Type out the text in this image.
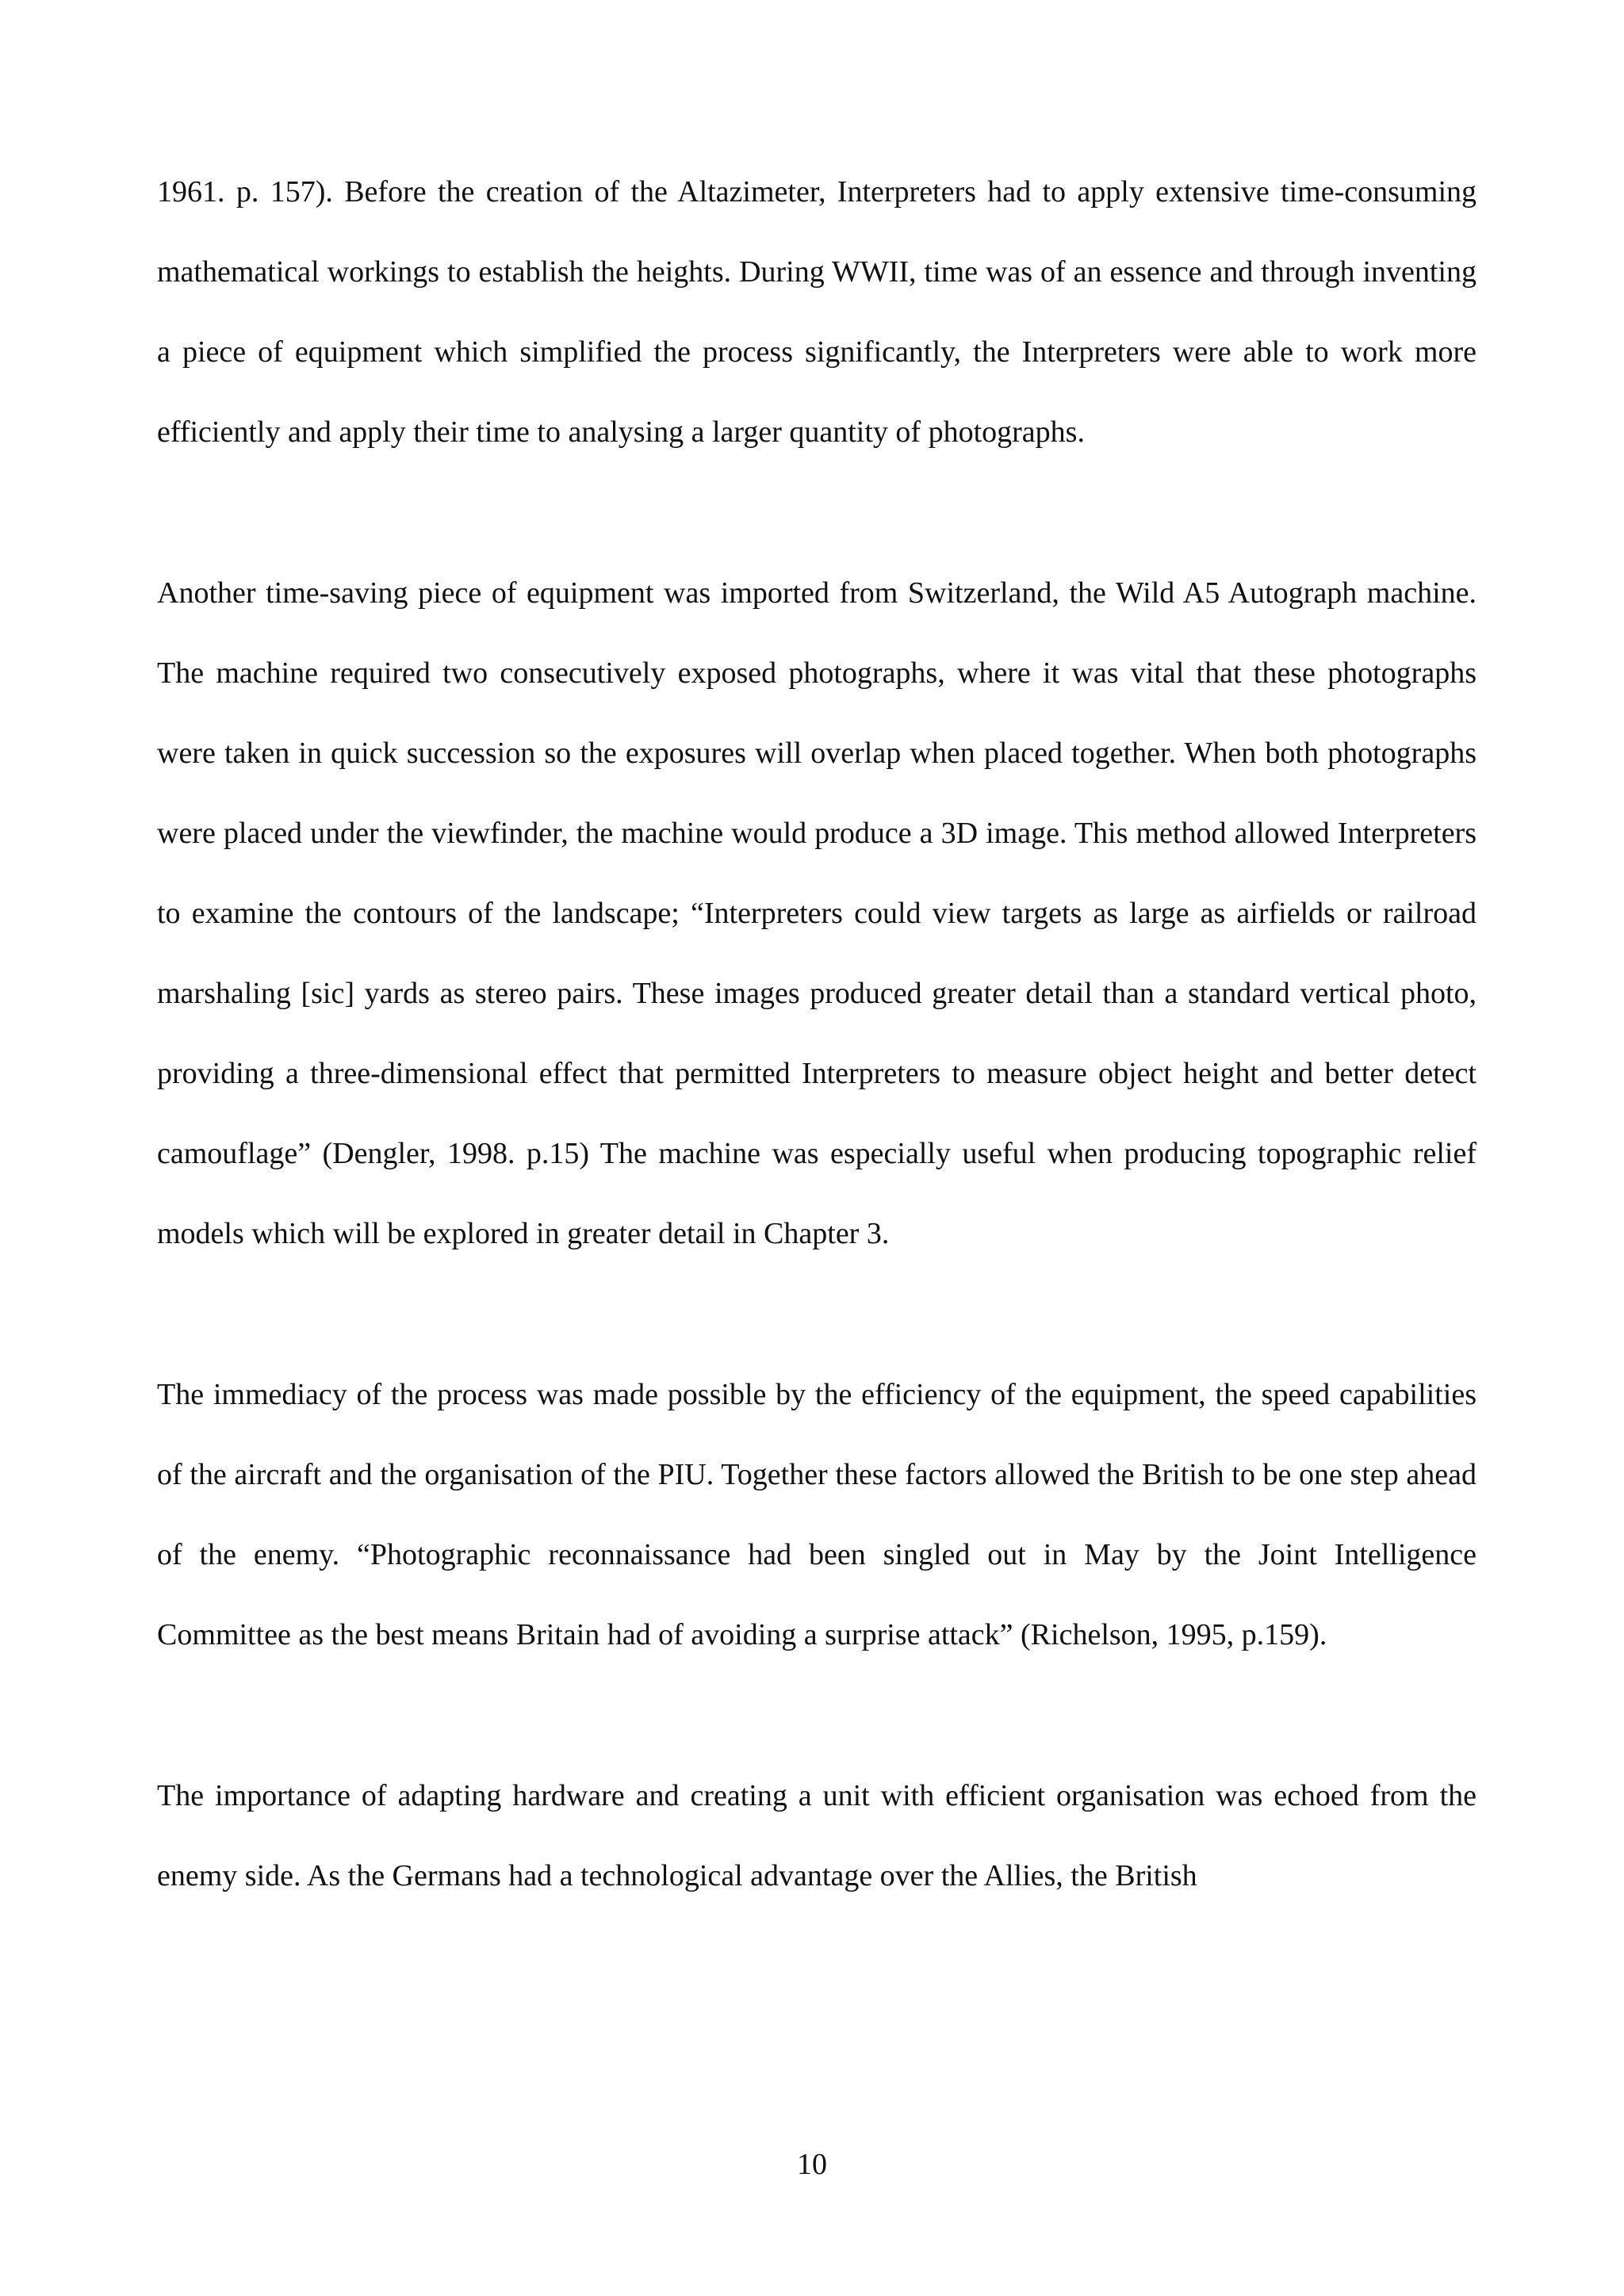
1961. p. 157). Before the creation of the Altazimeter, Interpreters had to apply extensive time-consuming mathematical workings to establish the heights. During WWII, time was of an essence and through inventing a piece of equipment which simplified the process significantly, the Interpreters were able to work more efficiently and apply their time to analysing a larger quantity of photographs.

Another time-saving piece of equipment was imported from Switzerland, the Wild A5 Autograph machine. The machine required two consecutively exposed photographs, where it was vital that these photographs were taken in quick succession so the exposures will overlap when placed together. When both photographs were placed under the viewfinder, the machine would produce a 3D image. This method allowed Interpreters to examine the contours of the landscape; “Interpreters could view targets as large as airfields or railroad marshaling [sic] yards as stereo pairs. These images produced greater detail than a standard vertical photo, providing a three-dimensional effect that permitted Interpreters to measure object height and better detect camouflage” (Dengler, 1998. p.15) The machine was especially useful when producing topographic relief models which will be explored in greater detail in Chapter 3.

The immediacy of the process was made possible by the efficiency of the equipment, the speed capabilities of the aircraft and the organisation of the PIU. Together these factors allowed the British to be one step ahead of the enemy. “Photographic reconnaissance had been singled out in May by the Joint Intelligence Committee as the best means Britain had of avoiding a surprise attack” (Richelson, 1995, p.159).

The importance of adapting hardware and creating a unit with efficient organisation was echoed from the enemy side. As the Germans had a technological advantage over the Allies, the British

10
